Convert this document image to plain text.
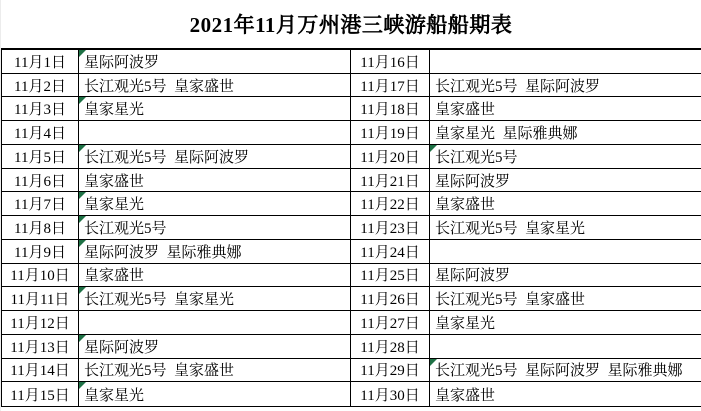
2021年11月万州港三峡游船船期表
11月1日 星际阿波罗	11月16日
11月2日 长江观光5号  皇家盛世	11月17日 长江观光5号  星际阿波罗
11月3日 皇家星光	11月18日 皇家盛世
11月4日	11月19日 皇家星光  星际雅典娜
11月5日 长江观光5号  星际阿波罗	11月20日 长江观光5号
11月6日 皇家盛世	11月21日 星际阿波罗
11月7日 皇家星光	11月22日 皇家盛世
11月8日 长江观光5号	11月23日 长江观光5号  皇家星光
11月9日 星际阿波罗  星际雅典娜	11月24日
11月10日 皇家盛世	11月25日 星际阿波罗
11月11日 长江观光5号  皇家星光	11月26日 长江观光5号  皇家盛世
11月12日	11月27日 皇家星光
11月13日 星际阿波罗	11月28日
11月14日 长江观光5号  皇家盛世	11月29日 长江观光5号  星际阿波罗  星际雅典娜
11月15日 皇家星光	11月30日 皇家盛世
